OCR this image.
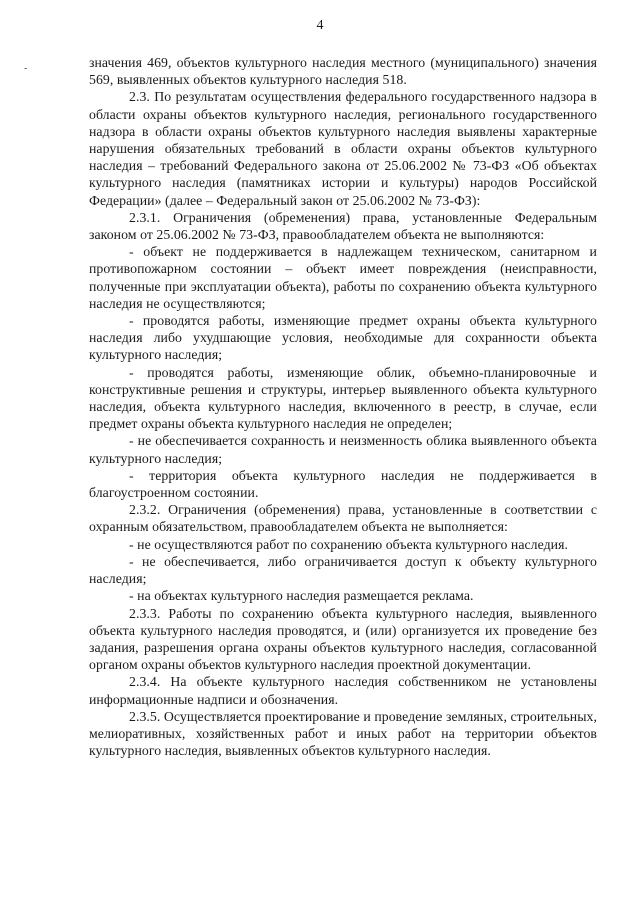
4
-	значения 469, объектов культурного наследия местного (муниципального) значения 569, выявленных объектов культурного наследия 518.

2.3. По результатам осуществления федерального государственного надзора в области охраны объектов культурного наследия, регионального государственного надзора в области охраны объектов культурного наследия выявлены характерные нарушения обязательных требований в области охраны объектов культурного наследия – требований Федерального закона от 25.06.2002 № 73-ФЗ «Об объектах культурного наследия (памятниках истории и культуры) народов Российской Федерации» (далее – Федеральный закон от 25.06.2002 № 73-ФЗ):

2.3.1. Ограничения (обременения) права, установленные Федеральным законом от 25.06.2002 № 73-ФЗ, правообладателем объекта не выполняются:

- объект не поддерживается в надлежащем техническом, санитарном и противопожарном состоянии – объект имеет повреждения (неисправности, полученные при эксплуатации объекта), работы по сохранению объекта культурного наследия не осуществляются;

- проводятся работы, изменяющие предмет охраны объекта культурного наследия либо ухудшающие условия, необходимые для сохранности объекта культурного наследия;

- проводятся работы, изменяющие облик, объемно-планировочные и конструктивные решения и структуры, интерьер выявленного объекта культурного наследия, объекта культурного наследия, включенного в реестр, в случае, если предмет охраны объекта культурного наследия не определен;

- не обеспечивается сохранность и неизменность облика выявленного объекта культурного наследия;

- территория объекта культурного наследия не поддерживается в благоустроенном состоянии.

2.3.2. Ограничения (обременения) права, установленные в соответствии с охранным обязательством, правообладателем объекта не выполняется:

- не осуществляются работ по сохранению объекта культурного наследия.

- не обеспечивается, либо ограничивается доступ к объекту культурного наследия;

- на объектах культурного наследия размещается реклама.

2.3.3. Работы по сохранению объекта культурного наследия, выявленного объекта культурного наследия проводятся, и (или) организуется их проведение без задания, разрешения органа охраны объектов культурного наследия, согласованной органом охраны объектов культурного наследия проектной документации.

2.3.4. На объекте культурного наследия собственником не установлены информационные надписи и обозначения.

2.3.5. Осуществляется проектирование и проведение земляных, строительных, мелиоративных, хозяйственных работ и иных работ на территории объектов культурного наследия, выявленных объектов культурного наследия.
